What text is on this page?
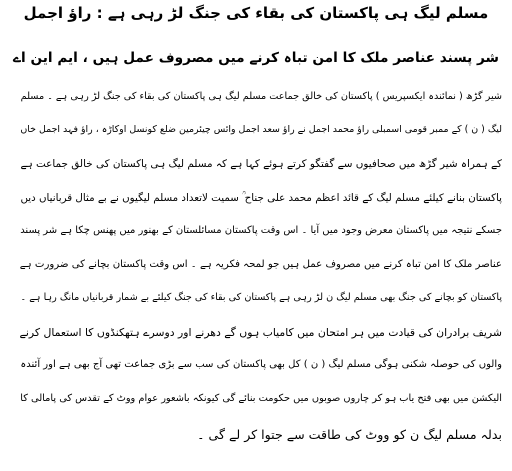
مسلم لیگ ہی پاکستان کی بقاء کی جنگ لڑ رہی ہے : راؤ اجمل
شر پسند عناصر ملک کا امن تباہ کرنے میں مصروف عمل ہیں ، ایم این اے
شیر گڑھ ( نمائندہ ایکسپریس ) پاکستان کی خالق جماعت مسلم لیگ ہی پاکستان کی بقاء کی جنگ لڑ رہی ہے ۔ مسلم
لیگ ( ن ) کے ممبر قومی اسمبلی راؤ محمد اجمل نے راؤ سعد اجمل وائس چیئرمین ضلع کونسل اوکاڑہ ، راؤ فہد اجمل خاں
کے ہمراہ شیر گڑھ میں صحافیوں سے گفتگو کرتے ہوئے کہا ہے کہ مسلم لیگ ہی پاکستان کی خالق جماعت ہے
پاکستان بنانے کیلئے مسلم لیگ کے قائد اعظم محمد علی جناح ؒ سمیت لاتعداد مسلم لیگیوں نے بے مثال قربانیاں دیں
جسکے نتیجہ میں پاکستان معرض وجود میں آیا ۔ اس وقت پاکستان مسائلستان کے بھنور میں پھنس چکا ہے شر پسند
عناصر ملک کا امن تباہ کرنے میں مصروف عمل ہیں جو لمحہ فکریہ ہے ۔ اس وقت پاکستان بچانے کی ضرورت ہے
پاکستان کو بچانے کی جنگ بھی مسلم لیگ ن لڑ رہی ہے پاکستان کی بقاء کی جنگ کیلئے بے شمار قربانیاں مانگ رہا ہے ۔
شریف برادران کی قیادت میں ہر امتحان میں کامیاب ہوں گے دھرنے اور دوسرے ہتھکنڈوں کا استعمال کرنے
والوں کی حوصلہ شکنی ہوگی مسلم لیگ ( ن ) کل بھی پاکستان کی سب سے بڑی جماعت تھی آج بھی ہے اور آئندہ
الیکشن میں بھی فتح یاب ہو کر چاروں صوبوں میں حکومت بنائے گی کیونکہ باشعور عوام ووٹ کے تقدس کی پامالی کا
بدلہ مسلم لیگ ن کو ووٹ کی طاقت سے جتوا کر لے گی ۔
